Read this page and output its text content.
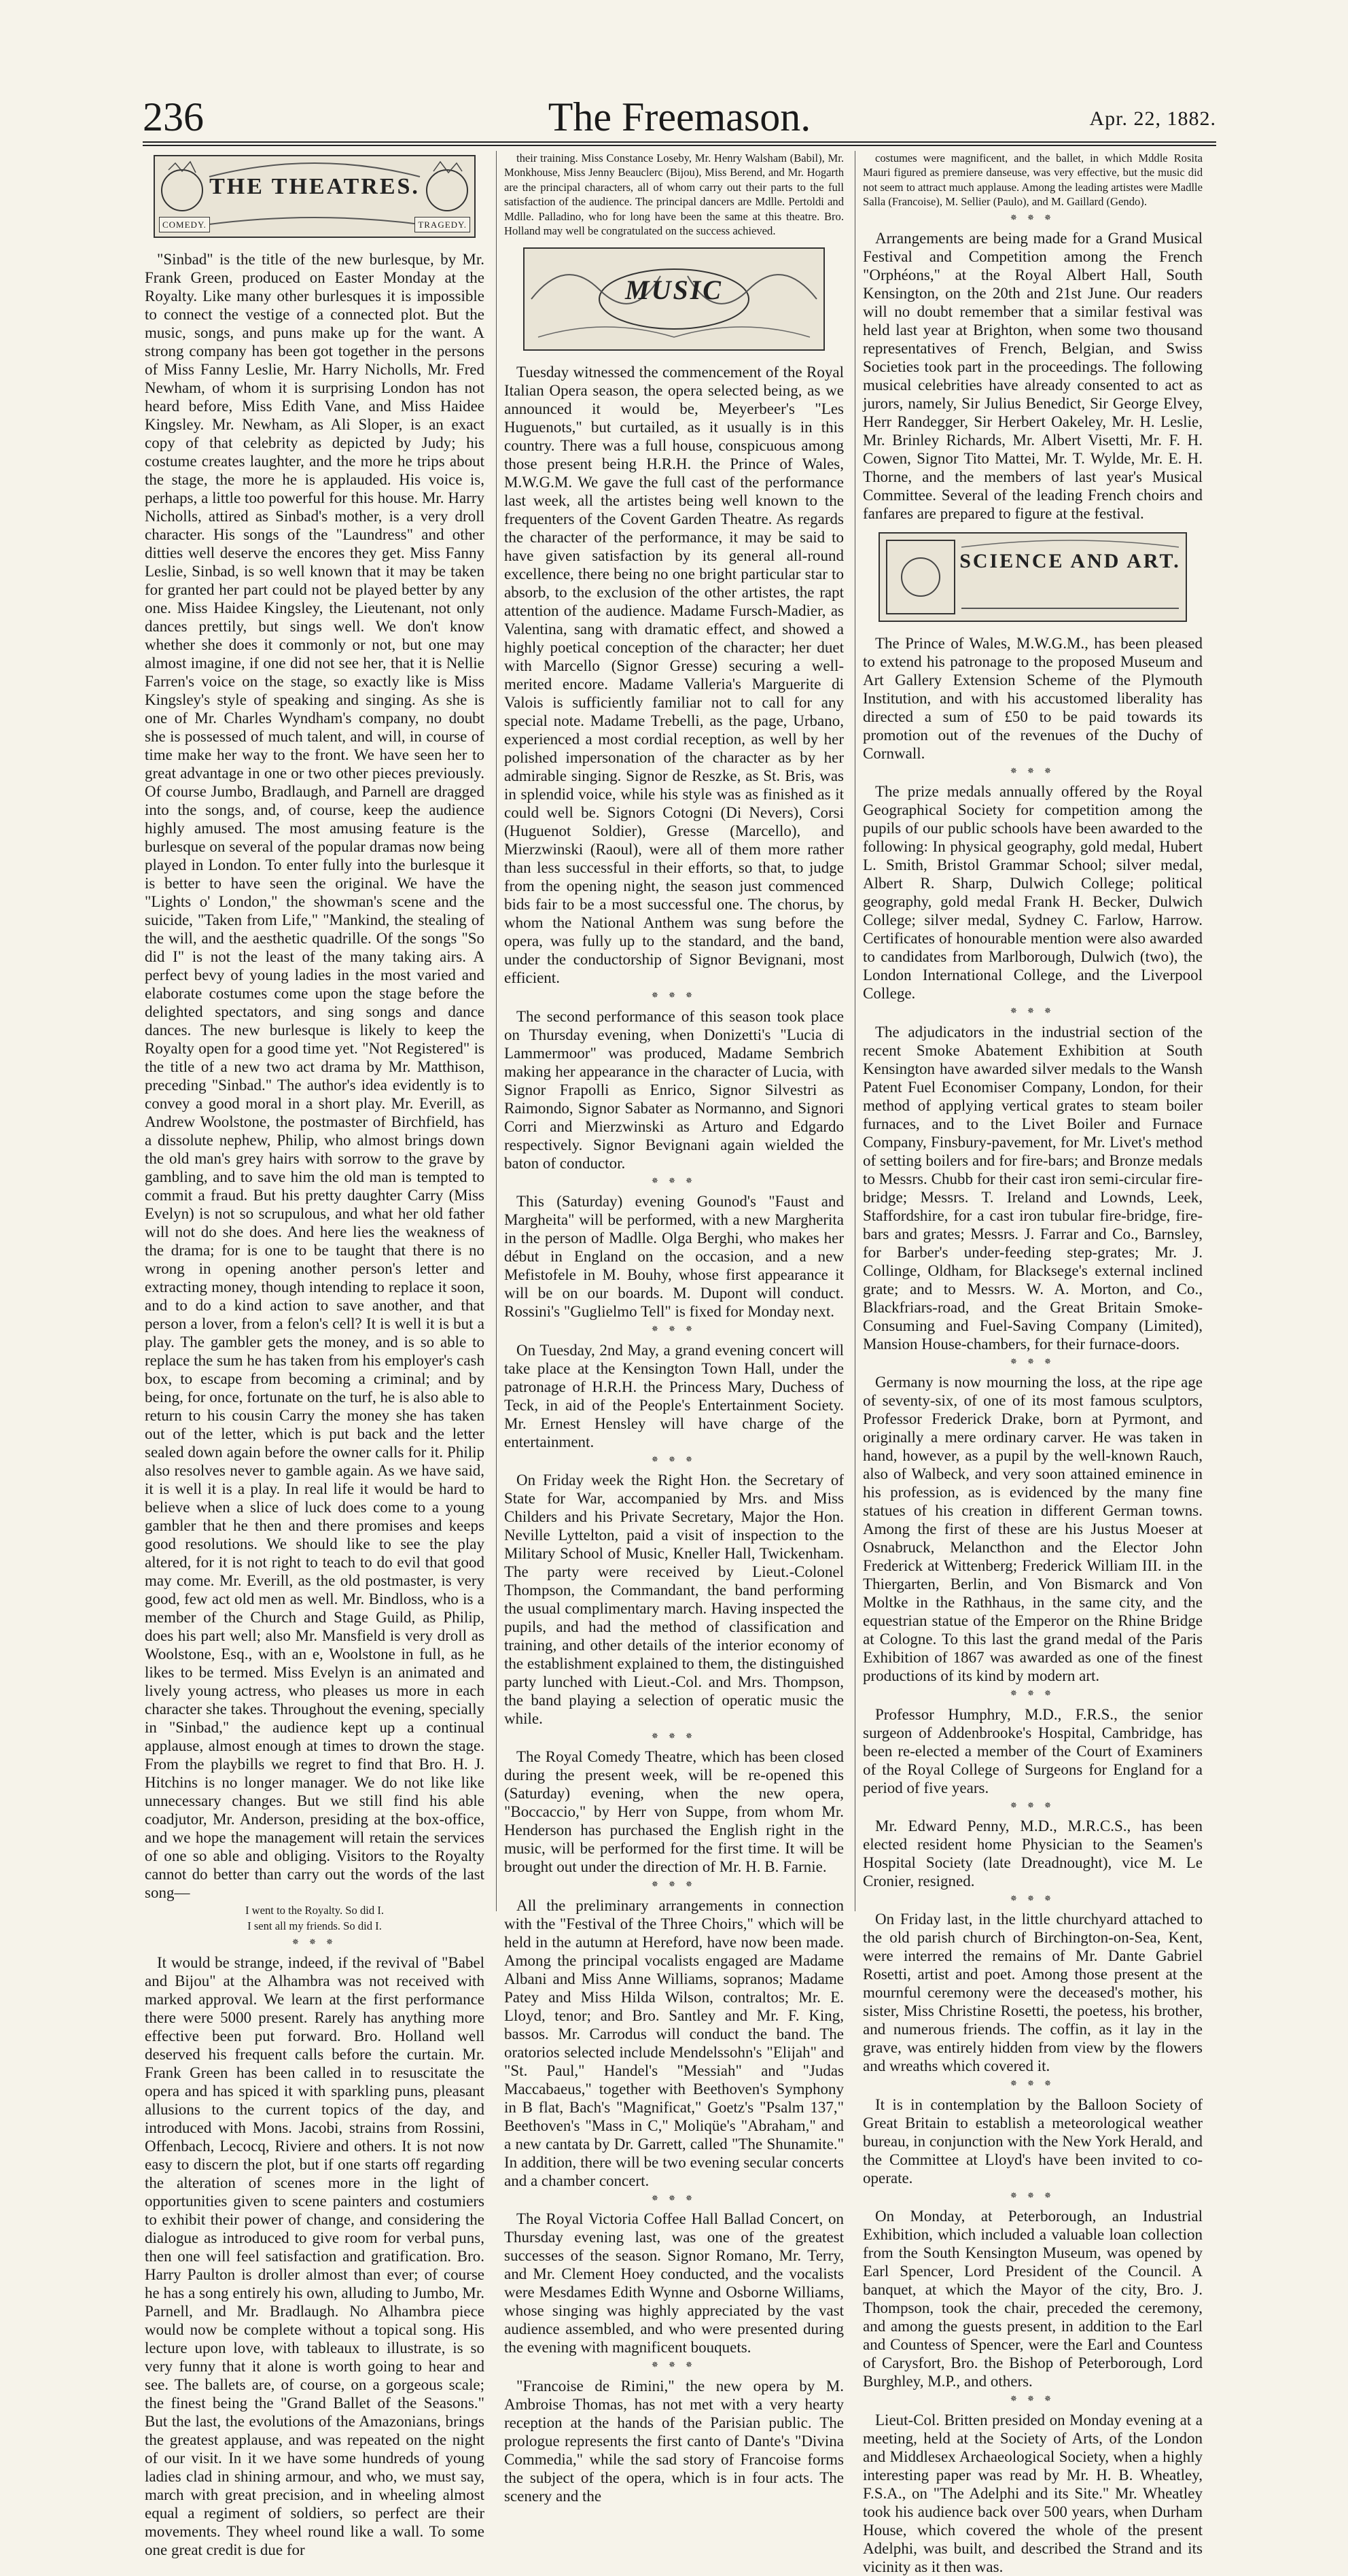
236	The Freemason.	Apr. 22, 1882.
THE THEATRES.
COMEDY.	TRAGEDY.

"Sinbad" is the title of the new burlesque, by Mr. Frank Green, produced on Easter Monday at the Royalty. Like many other burlesques it is impossible to connect the vestige of a connected plot. But the music, songs, and puns make up for the want. A strong company has been got together in the persons of Miss Fanny Leslie, Mr. Harry Nicholls, Mr. Fred Newham, of whom it is surprising London has not heard before, Miss Edith Vane, and Miss Haidee Kingsley. Mr. Newham, as Ali Sloper, is an exact copy of that celebrity as depicted by Judy; his costume creates laughter, and the more he trips about the stage, the more he is applauded. His voice is, perhaps, a little too powerful for this house. Mr. Harry Nicholls, attired as Sinbad's mother, is a very droll character. His songs of the "Laundress" and other ditties well deserve the encores they get. Miss Fanny Leslie, Sinbad, is so well known that it may be taken for granted her part could not be played better by any one. Miss Haidee Kingsley, the Lieutenant, not only dances prettily, but sings well. We don't know whether she does it commonly or not, but one may almost imagine, if one did not see her, that it is Nellie Farren's voice on the stage, so exactly like is Miss Kingsley's style of speaking and singing. As she is one of Mr. Charles Wyndham's company, no doubt she is possessed of much talent, and will, in course of time make her way to the front. We have seen her to great advantage in one or two other pieces previously. Of course Jumbo, Bradlaugh, and Parnell are dragged into the songs, and, of course, keep the audience highly amused. The most amusing feature is the burlesque on several of the popular dramas now being played in London. To enter fully into the burlesque it is better to have seen the original. We have the "Lights o' London," the showman's scene and the suicide, "Taken from Life," "Mankind, the stealing of the will, and the aesthetic quadrille. Of the songs "So did I" is not the least of the many taking airs. A perfect bevy of young ladies in the most varied and elaborate costumes come upon the stage before the delighted spectators, and sing songs and dance dances. The new burlesque is likely to keep the Royalty open for a good time yet. "Not Registered" is the title of a new two act drama by Mr. Matthison, preceding "Sinbad." The author's idea evidently is to convey a good moral in a short play. Mr. Everill, as Andrew Woolstone, the postmaster of Birchfield, has a dissolute nephew, Philip, who almost brings down the old man's grey hairs with sorrow to the grave by gambling, and to save him the old man is tempted to commit a fraud. But his pretty daughter Carry (Miss Evelyn) is not so scrupulous, and what her old father will not do she does. And here lies the weakness of the drama; for is one to be taught that there is no wrong in opening another person's letter and extracting money, though intending to replace it soon, and to do a kind action to save another, and that person a lover, from a felon's cell? It is well it is but a play. The gambler gets the money, and is so able to replace the sum he has taken from his employer's cash box, to escape from becoming a criminal; and by being, for once, fortunate on the turf, he is also able to return to his cousin Carry the money she has taken out of the letter, which is put back and the letter sealed down again before the owner calls for it. Philip also resolves never to gamble again. As we have said, it is well it is a play. In real life it would be hard to believe when a slice of luck does come to a young gambler that he then and there promises and keeps good resolutions. We should like to see the play altered, for it is not right to teach to do evil that good may come. Mr. Everill, as the old postmaster, is very good, few act old men as well. Mr. Bindloss, who is a member of the Church and Stage Guild, as Philip, does his part well; also Mr. Mansfield is very droll as Woolstone, Esq., with an e, Woolstone in full, as he likes to be termed. Miss Evelyn is an animated and lively young actress, who pleases us more in each character she takes. Throughout the evening, specially in "Sinbad," the audience kept up a continual applause, almost enough at times to drown the stage. From the playbills we regret to find that Bro. H. J. Hitchins is no longer manager. We do not like like unnecessary changes. But we still find his able coadjutor, Mr. Anderson, presiding at the box-office, and we hope the management will retain the services of one so able and obliging. Visitors to the Royalty cannot do better than carry out the words of the last song—

I went to the Royalty. So did I.

I sent all my friends. So did I.

✵ ✵ ✵

It would be strange, indeed, if the revival of "Babel and Bijou" at the Alhambra was not received with marked approval. We learn at the first performance there were 5000 present. Rarely has anything more effective been put forward. Bro. Holland well deserved his frequent calls before the curtain. Mr. Frank Green has been called in to resuscitate the opera and has spiced it with sparkling puns, pleasant allusions to the current topics of the day, and introduced with Mons. Jacobi, strains from Rossini, Offenbach, Lecocq, Riviere and others. It is not now easy to discern the plot, but if one starts off regarding the alteration of scenes more in the light of opportunities given to scene painters and costumiers to exhibit their power of change, and considering the dialogue as introduced to give room for verbal puns, then one will feel satisfaction and gratification. Bro. Harry Paulton is droller almost than ever; of course he has a song entirely his own, alluding to Jumbo, Mr. Parnell, and Mr. Bradlaugh. No Alhambra piece would now be complete without a topical song. His lecture upon love, with tableaux to illustrate, is so very funny that it alone is worth going to hear and see. The ballets are, of course, on a gorgeous scale; the finest being the "Grand Ballet of the Seasons." But the last, the evolutions of the Amazonians, brings the greatest applause, and was repeated on the night of our visit. In it we have some hundreds of young ladies clad in shining armour, and who, we must say, march with great precision, and in wheeling almost equal a regiment of soldiers, so perfect are their movements. They wheel round like a wall. To some one great credit is due for

their training. Miss Constance Loseby, Mr. Henry Walsham (Babil), Mr. Monkhouse, Miss Jenny Beauclerc (Bijou), Miss Berend, and Mr. Hogarth are the principal characters, all of whom carry out their parts to the full satisfaction of the audience. The principal dancers are Mdlle. Pertoldi and Mdlle. Palladino, who for long have been the same at this theatre. Bro. Holland may well be congratulated on the success achieved.

MUSIC

Tuesday witnessed the commencement of the Royal Italian Opera season, the opera selected being, as we announced it would be, Meyerbeer's "Les Huguenots," but curtailed, as it usually is in this country. There was a full house, conspicuous among those present being H.R.H. the Prince of Wales, M.W.G.M. We gave the full cast of the performance last week, all the artistes being well known to the frequenters of the Covent Garden Theatre. As regards the character of the performance, it may be said to have given satisfaction by its general all-round excellence, there being no one bright particular star to absorb, to the exclusion of the other artistes, the rapt attention of the audience. Madame Fursch-Madier, as Valentina, sang with dramatic effect, and showed a highly poetical conception of the character; her duet with Marcello (Signor Gresse) securing a well-merited encore. Madame Valleria's Marguerite di Valois is sufficiently familiar not to call for any special note. Madame Trebelli, as the page, Urbano, experienced a most cordial reception, as well by her polished impersonation of the character as by her admirable singing. Signor de Reszke, as St. Bris, was in splendid voice, while his style was as finished as it could well be. Signors Cotogni (Di Nevers), Corsi (Huguenot Soldier), Gresse (Marcello), and Mierzwinski (Raoul), were all of them more rather than less successful in their efforts, so that, to judge from the opening night, the season just commenced bids fair to be a most successful one. The chorus, by whom the National Anthem was sung before the opera, was fully up to the standard, and the band, under the conductorship of Signor Bevignani, most efficient.

✵ ✵ ✵

The second performance of this season took place on Thursday evening, when Donizetti's "Lucia di Lammermoor" was produced, Madame Sembrich making her appearance in the character of Lucia, with Signor Frapolli as Enrico, Signor Silvestri as Raimondo, Signor Sabater as Normanno, and Signori Corri and Mierzwinski as Arturo and Edgardo respectively. Signor Bevignani again wielded the baton of conductor.

✵ ✵ ✵

This (Saturday) evening Gounod's "Faust and Margheita" will be performed, with a new Margherita in the person of Madlle. Olga Berghi, who makes her début in England on the occasion, and a new Mefistofele in M. Bouhy, whose first appearance it will be on our boards. M. Dupont will conduct. Rossini's "Guglielmo Tell" is fixed for Monday next.

✵ ✵ ✵

On Tuesday, 2nd May, a grand evening concert will take place at the Kensington Town Hall, under the patronage of H.R.H. the Princess Mary, Duchess of Teck, in aid of the People's Entertainment Society. Mr. Ernest Hensley will have charge of the entertainment.

✵ ✵ ✵

On Friday week the Right Hon. the Secretary of State for War, accompanied by Mrs. and Miss Childers and his Private Secretary, Major the Hon. Neville Lyttelton, paid a visit of inspection to the Military School of Music, Kneller Hall, Twickenham. The party were received by Lieut.-Colonel Thompson, the Commandant, the band performing the usual complimentary march. Having inspected the pupils, and had the method of classification and training, and other details of the interior economy of the establishment explained to them, the distinguished party lunched with Lieut.-Col. and Mrs. Thompson, the band playing a selection of operatic music the while.

✵ ✵ ✵

The Royal Comedy Theatre, which has been closed during the present week, will be re-opened this (Saturday) evening, when the new opera, "Boccaccio," by Herr von Suppe, from whom Mr. Henderson has purchased the English right in the music, will be performed for the first time. It will be brought out under the direction of Mr. H. B. Farnie.

✵ ✵ ✵

All the preliminary arrangements in connection with the "Festival of the Three Choirs," which will be held in the autumn at Hereford, have now been made. Among the principal vocalists engaged are Madame Albani and Miss Anne Williams, sopranos; Madame Patey and Miss Hilda Wilson, contraltos; Mr. E. Lloyd, tenor; and Bro. Santley and Mr. F. King, bassos. Mr. Carrodus will conduct the band. The oratorios selected include Mendelssohn's "Elijah" and "St. Paul," Handel's "Messiah" and "Judas Maccabaeus," together with Beethoven's Symphony in B flat, Bach's "Magnificat," Goetz's "Psalm 137," Beethoven's "Mass in C," Moliqüe's "Abraham," and a new cantata by Dr. Garrett, called "The Shunamite." In addition, there will be two evening secular concerts and a chamber concert.

✵ ✵ ✵

The Royal Victoria Coffee Hall Ballad Concert, on Thursday evening last, was one of the greatest successes of the season. Signor Romano, Mr. Terry, and Mr. Clement Hoey conducted, and the vocalists were Mesdames Edith Wynne and Osborne Williams, whose singing was highly appreciated by the vast audience assembled, and who were presented during the evening with magnificent bouquets.

✵ ✵ ✵

"Francoise de Rimini," the new opera by M. Ambroise Thomas, has not met with a very hearty reception at the hands of the Parisian public. The prologue represents the first canto of Dante's "Divina Commedia," while the sad story of Francoise forms the subject of the opera, which is in four acts. The scenery and the

costumes were magnificent, and the ballet, in which Mddle Rosita Mauri figured as premiere danseuse, was very effective, but the music did not seem to attract much applause. Among the leading artistes were Madlle Salla (Francoise), M. Sellier (Paulo), and M. Gaillard (Gendo).

✵ ✵ ✵

Arrangements are being made for a Grand Musical Festival and Competition among the French "Orphéons," at the Royal Albert Hall, South Kensington, on the 20th and 21st June. Our readers will no doubt remember that a similar festival was held last year at Brighton, when some two thousand representatives of French, Belgian, and Swiss Societies took part in the proceedings. The following musical celebrities have already consented to act as jurors, namely, Sir Julius Benedict, Sir George Elvey, Herr Randegger, Sir Herbert Oakeley, Mr. H. Leslie, Mr. Brinley Richards, Mr. Albert Visetti, Mr. F. H. Cowen, Signor Tito Mattei, Mr. T. Wylde, Mr. E. H. Thorne, and the members of last year's Musical Committee. Several of the leading French choirs and fanfares are prepared to figure at the festival.

SCIENCE AND ART.

The Prince of Wales, M.W.G.M., has been pleased to extend his patronage to the proposed Museum and Art Gallery Extension Scheme of the Plymouth Institution, and with his accustomed liberality has directed a sum of £50 to be paid towards its promotion out of the revenues of the Duchy of Cornwall.

✵ ✵ ✵

The prize medals annually offered by the Royal Geographical Society for competition among the pupils of our public schools have been awarded to the following: In physical geography, gold medal, Hubert L. Smith, Bristol Grammar School; silver medal, Albert R. Sharp, Dulwich College; political geography, gold medal Frank H. Becker, Dulwich College; silver medal, Sydney C. Farlow, Harrow. Certificates of honourable mention were also awarded to candidates from Marlborough, Dulwich (two), the London International College, and the Liverpool College.

✵ ✵ ✵

The adjudicators in the industrial section of the recent Smoke Abatement Exhibition at South Kensington have awarded silver medals to the Wansh Patent Fuel Economiser Company, London, for their method of applying vertical grates to steam boiler furnaces, and to the Livet Boiler and Furnace Company, Finsbury-pavement, for Mr. Livet's method of setting boilers and for fire-bars; and Bronze medals to Messrs. Chubb for their cast iron semi-circular fire-bridge; Messrs. T. Ireland and Lownds, Leek, Staffordshire, for a cast iron tubular fire-bridge, fire-bars and grates; Messrs. J. Farrar and Co., Barnsley, for Barber's under-feeding step-grates; Mr. J. Collinge, Oldham, for Blacksege's external inclined grate; and to Messrs. W. A. Morton, and Co., Blackfriars-road, and the Great Britain Smoke-Consuming and Fuel-Saving Company (Limited), Mansion House-chambers, for their furnace-doors.

✵ ✵ ✵

Germany is now mourning the loss, at the ripe age of seventy-six, of one of its most famous sculptors, Professor Frederick Drake, born at Pyrmont, and originally a mere ordinary carver. He was taken in hand, however, as a pupil by the well-known Rauch, also of Walbeck, and very soon attained eminence in his profession, as is evidenced by the many fine statues of his creation in different German towns. Among the first of these are his Justus Moeser at Osnabruck, Melancthon and the Elector John Frederick at Wittenberg; Frederick William III. in the Thiergarten, Berlin, and Von Bismarck and Von Moltke in the Rathhaus, in the same city, and the equestrian statue of the Emperor on the Rhine Bridge at Cologne. To this last the grand medal of the Paris Exhibition of 1867 was awarded as one of the finest productions of its kind by modern art.

✵ ✵ ✵

Professor Humphry, M.D., F.R.S., the senior surgeon of Addenbrooke's Hospital, Cambridge, has been re-elected a member of the Court of Examiners of the Royal College of Surgeons for England for a period of five years.

✵ ✵ ✵

Mr. Edward Penny, M.D., M.R.C.S., has been elected resident home Physician to the Seamen's Hospital Society (late Dreadnought), vice M. Le Cronier, resigned.

✵ ✵ ✵

On Friday last, in the little churchyard attached to the old parish church of Birchington-on-Sea, Kent, were interred the remains of Mr. Dante Gabriel Rosetti, artist and poet. Among those present at the mournful ceremony were the deceased's mother, his sister, Miss Christine Rosetti, the poetess, his brother, and numerous friends. The coffin, as it lay in the grave, was entirely hidden from view by the flowers and wreaths which covered it.

✵ ✵ ✵

It is in contemplation by the Balloon Society of Great Britain to establish a meteorological weather bureau, in conjunction with the New York Herald, and the Committee at Lloyd's have been invited to co-operate.

✵ ✵ ✵

On Monday, at Peterborough, an Industrial Exhibition, which included a valuable loan collection from the South Kensington Museum, was opened by Earl Spencer, Lord President of the Council. A banquet, at which the Mayor of the city, Bro. J. Thompson, took the chair, preceded the ceremony, and among the guests present, in addition to the Earl and Countess of Spencer, were the Earl and Countess of Carysfort, Bro. the Bishop of Peterborough, Lord Burghley, M.P., and others.

✵ ✵ ✵

Lieut-Col. Britten presided on Monday evening at a meeting, held at the Society of Arts, of the London and Middlesex Archaeological Society, when a highly interesting paper was read by Mr. H. B. Wheatley, F.S.A., on "The Adelphi and its Site." Mr. Wheatley took his audience back over 500 years, when Durham House, which covered the whole of the present Adelphi, was built, and described the Strand and its vicinity as it then was.
